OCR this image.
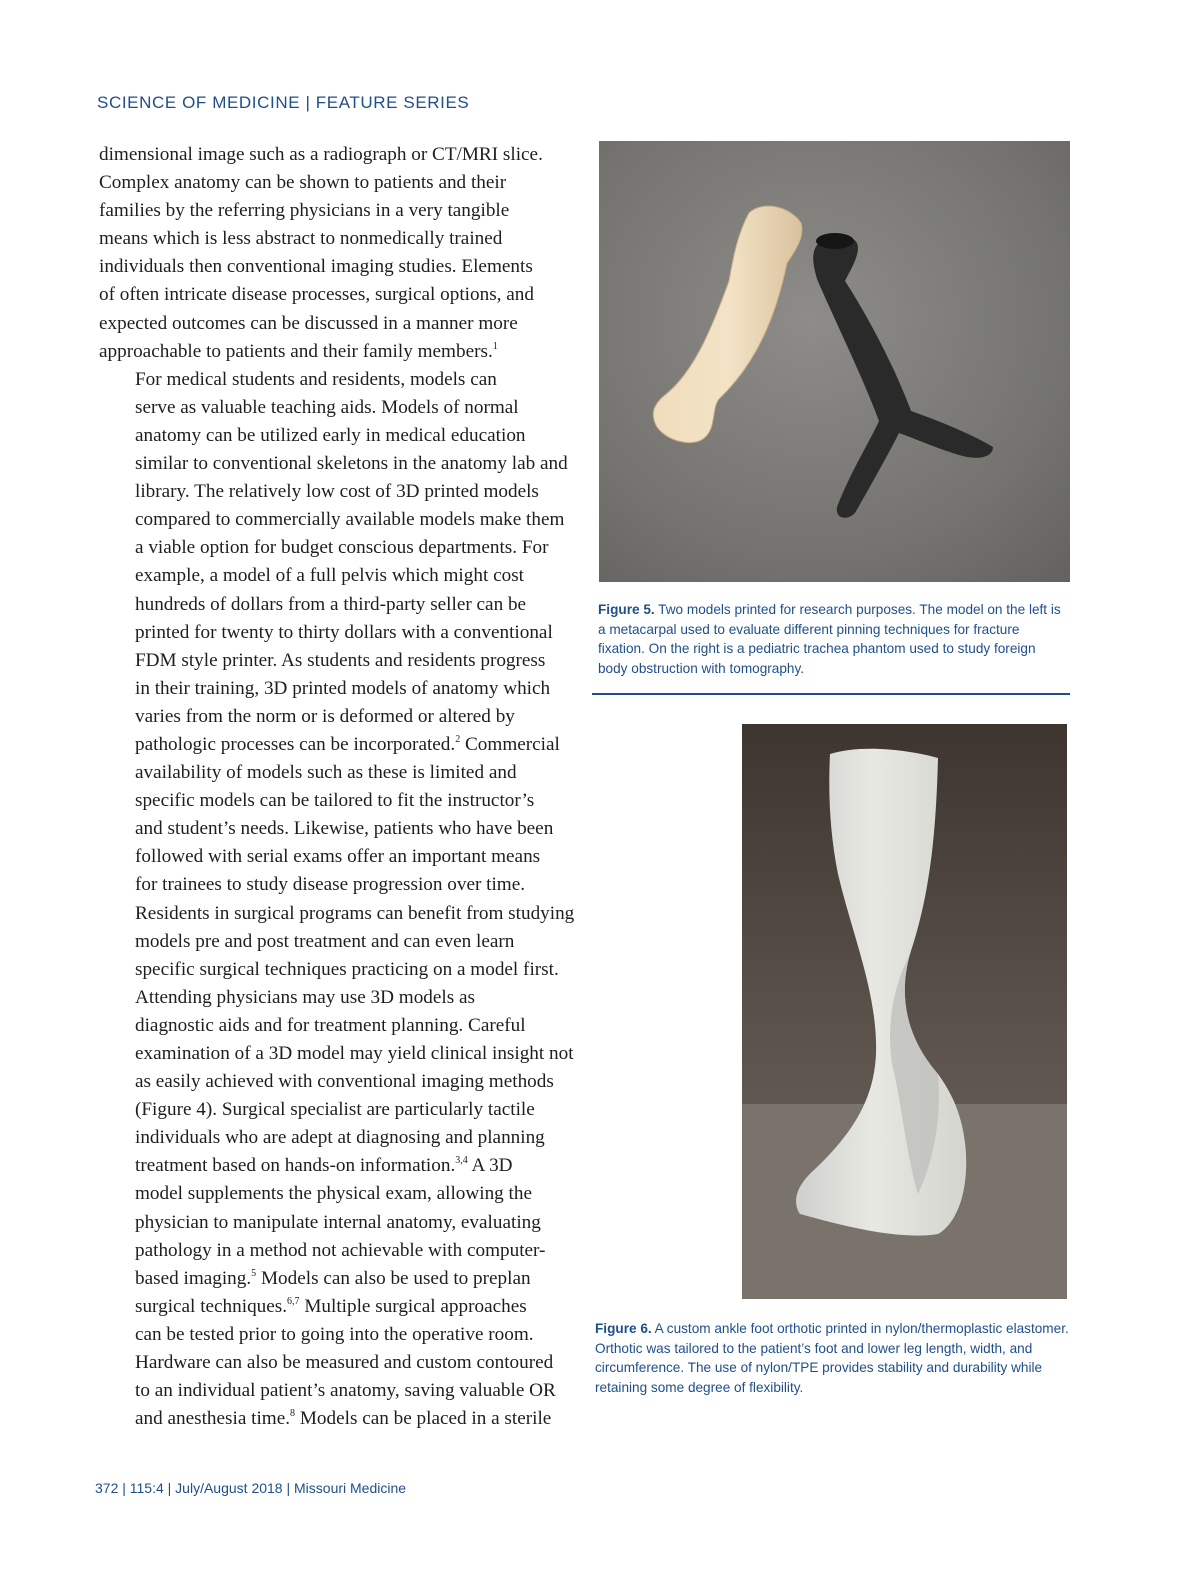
SCIENCE OF MEDICINE | FEATURE SERIES

dimensional image such as a radiograph or CT/MRI slice.
Complex anatomy can be shown to patients and their
families by the referring physicians in a very tangible
means which is less abstract to nonmedically trained
individuals then conventional imaging studies. Elements
of often intricate disease processes, surgical options, and
expected outcomes can be discussed in a manner more
approachable to patients and their family members.$^1$

For medical students and residents, models can
serve as valuable teaching aids. Models of normal
anatomy can be utilized early in medical education
similar to conventional skeletons in the anatomy lab and
library. The relatively low cost of 3D printed models
compared to commercially available models make them
a viable option for budget conscious departments. For
example, a model of a full pelvis which might cost
hundreds of dollars from a third-party seller can be
printed for twenty to thirty dollars with a conventional
FDM style printer. As students and residents progress
in their training, 3D printed models of anatomy which
varies from the norm or is deformed or altered by
pathologic processes can be incorporated.$^2$ Commercial
availability of models such as these is limited and
specific models can be tailored to fit the instructor’s
and student’s needs. Likewise, patients who have been
followed with serial exams offer an important means
for trainees to study disease progression over time.
Residents in surgical programs can benefit from studying
models pre and post treatment and can even learn
specific surgical techniques practicing on a model first.

Attending physicians may use 3D models as
diagnostic aids and for treatment planning. Careful
examination of a 3D model may yield clinical insight not
as easily achieved with conventional imaging methods
(Figure 4). Surgical specialist are particularly tactile
individuals who are adept at diagnosing and planning
treatment based on hands-on information.$^{3,4}$ A 3D
model supplements the physical exam, allowing the
physician to manipulate internal anatomy, evaluating
pathology in a method not achievable with computer-
based imaging.$^5$ Models can also be used to preplan
surgical techniques.$^{6,7}$ Multiple surgical approaches
can be tested prior to going into the operative room.
Hardware can also be measured and custom contoured
to an individual patient’s anatomy, saving valuable OR
and anesthesia time.$^8$ Models can be placed in a sterile

Figure 5. Two models printed for research purposes. The model on the left is a metacarpal used to evaluate different pinning techniques for fracture fixation. On the right is a pediatric trachea phantom used to study foreign body obstruction with tomography.
Figure 6. A custom ankle foot orthotic printed in nylon/thermoplastic elastomer. Orthotic was tailored to the patient’s foot and lower leg length, width, and circumference. The use of nylon/TPE provides stability and durability while retaining some degree of flexibility.
372 | 115:4 | July/August 2018 | Missouri Medicine
